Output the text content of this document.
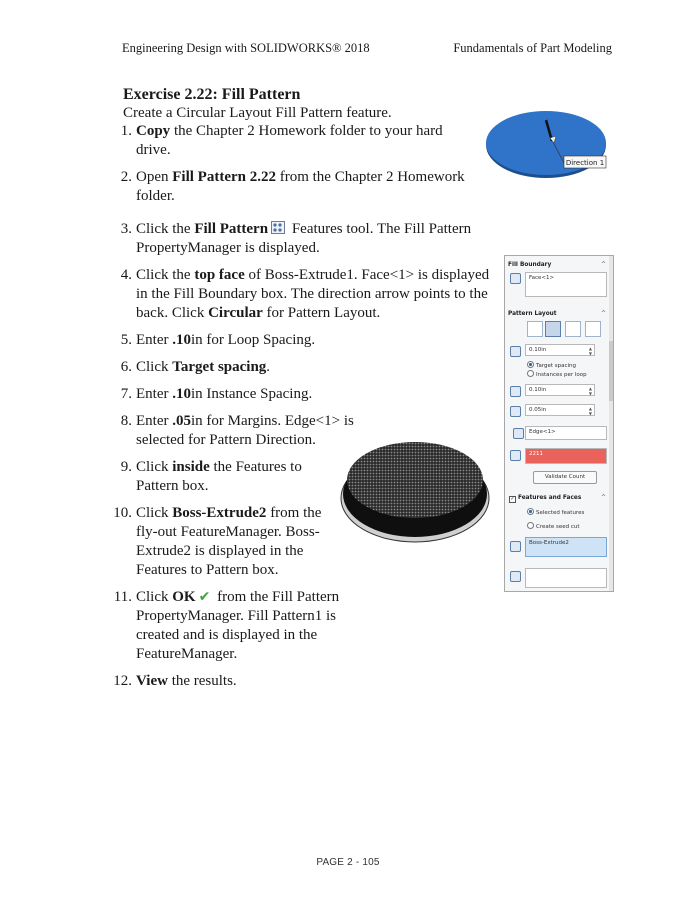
Engineering Design with SOLIDWORKS® 2018	Fundamentals of Part Modeling
Exercise 2.22: Fill Pattern
Create a Circular Layout Fill Pattern feature.
1. Copy the Chapter 2 Homework folder to your hard drive.
2. Open Fill Pattern 2.22 from the Chapter 2 Homework folder.
3. Click the Fill Pattern Features tool. The Fill Pattern PropertyManager is displayed.
4. Click the top face of Boss-Extrude1. Face<1> is displayed in the Fill Boundary box. The direction arrow points to the back. Click Circular for Pattern Layout.
5. Enter .10in for Loop Spacing.
6. Click Target spacing.
7. Enter .10in Instance Spacing.
8. Enter .05in for Margins. Edge<1> is selected for Pattern Direction.
9. Click inside the Features to Pattern box.
10. Click Boss-Extrude2 from the fly-out FeatureManager. Boss-Extrude2 is displayed in the Features to Pattern box.
11. Click OK ✔ from the Fill Pattern PropertyManager. Fill Pattern1 is created and is displayed in the FeatureManager.
12. View the results.
Direction 1
Fill Boundary	^
Face<1>
Pattern Layout	^
0.10in	▲
▼
Target spacing
Instances per loop
0.10in	▲
▼
0.05in	▲
▼
Edge<1>
2211
Validate Count
✓ Features and Faces	^
Selected features
Create seed cut
Boss-Extrude2
PAGE 2 - 105
